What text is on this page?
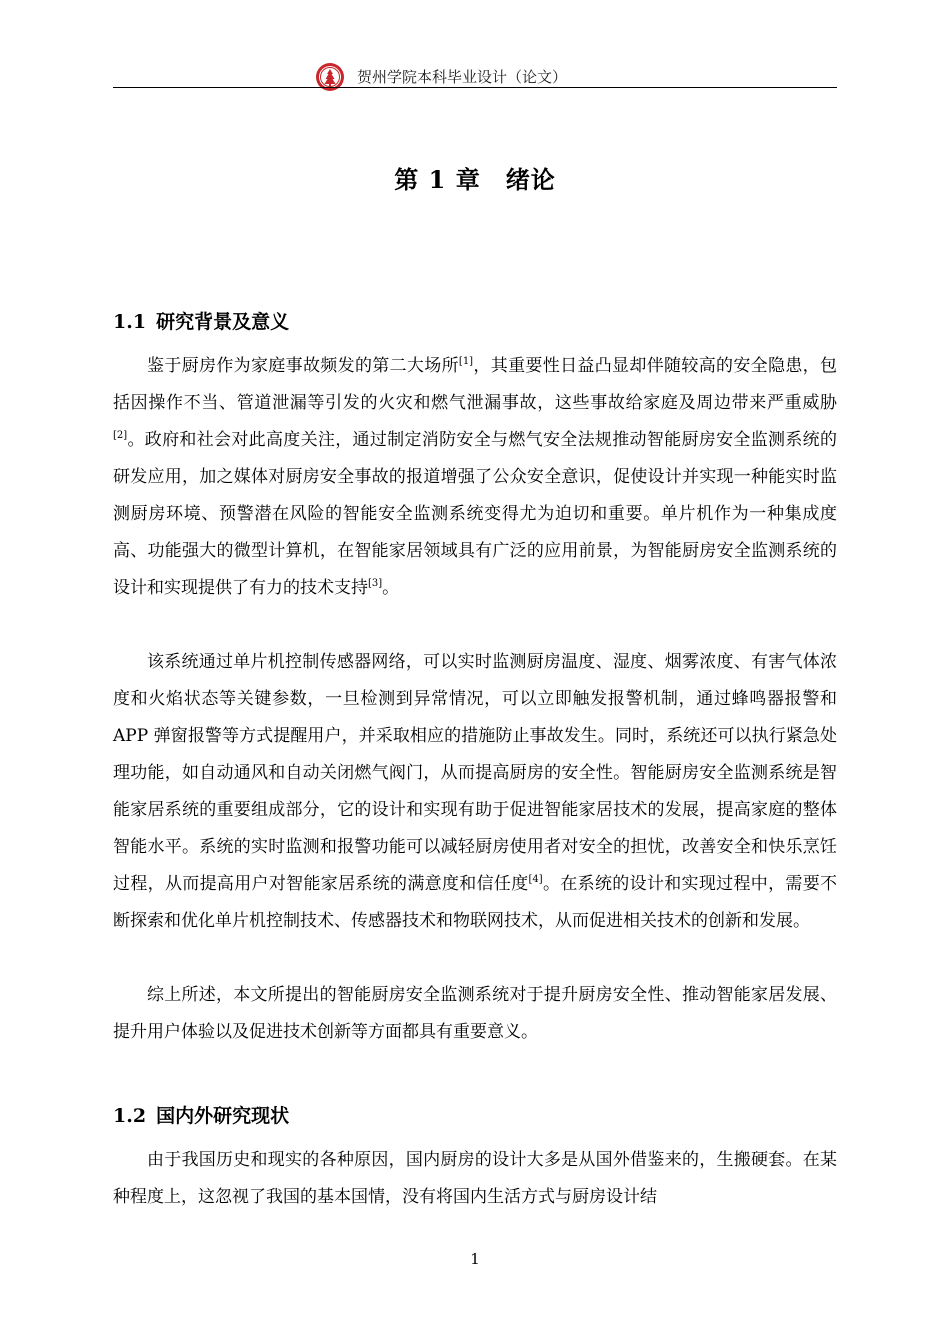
贺州学院本科毕业设计（论文）
第 1 章　绪论
1.1 研究背景及意义

鉴于厨房作为家庭事故频发的第二大场所[1]，其重要性日益凸显却伴随较高的安全隐患，包括因操作不当、管道泄漏等引发的火灾和燃气泄漏事故，这些事故给家庭及周边带来严重威胁[2]。政府和社会对此高度关注，通过制定消防安全与燃气安全法规推动智能厨房安全监测系统的研发应用，加之媒体对厨房安全事故的报道增强了公众安全意识，促使设计并实现一种能实时监测厨房环境、预警潜在风险的智能安全监测系统变得尤为迫切和重要。单片机作为一种集成度高、功能强大的微型计算机，在智能家居领域具有广泛的应用前景，为智能厨房安全监测系统的设计和实现提供了有力的技术支持[3]。

该系统通过单片机控制传感器网络，可以实时监测厨房温度、湿度、烟雾浓度、有害气体浓度和火焰状态等关键参数，一旦检测到异常情况，可以立即触发报警机制，通过蜂鸣器报警和 APP 弹窗报警等方式提醒用户，并采取相应的措施防止事故发生。同时，系统还可以执行紧急处理功能，如自动通风和自动关闭燃气阀门，从而提高厨房的安全性。智能厨房安全监测系统是智能家居系统的重要组成部分，它的设计和实现有助于促进智能家居技术的发展，提高家庭的整体智能水平。系统的实时监测和报警功能可以减轻厨房使用者对安全的担忧，改善安全和快乐烹饪过程，从而提高用户对智能家居系统的满意度和信任度[4]。在系统的设计和实现过程中，需要不断探索和优化单片机控制技术、传感器技术和物联网技术，从而促进相关技术的创新和发展。

综上所述，本文所提出的智能厨房安全监测系统对于提升厨房安全性、推动智能家居发展、提升用户体验以及促进技术创新等方面都具有重要意义。

1.2 国内外研究现状

由于我国历史和现实的各种原因，国内厨房的设计大多是从国外借鉴来的，生搬硬套。在某种程度上，这忽视了我国的基本国情，没有将国内生活方式与厨房设计结

1
